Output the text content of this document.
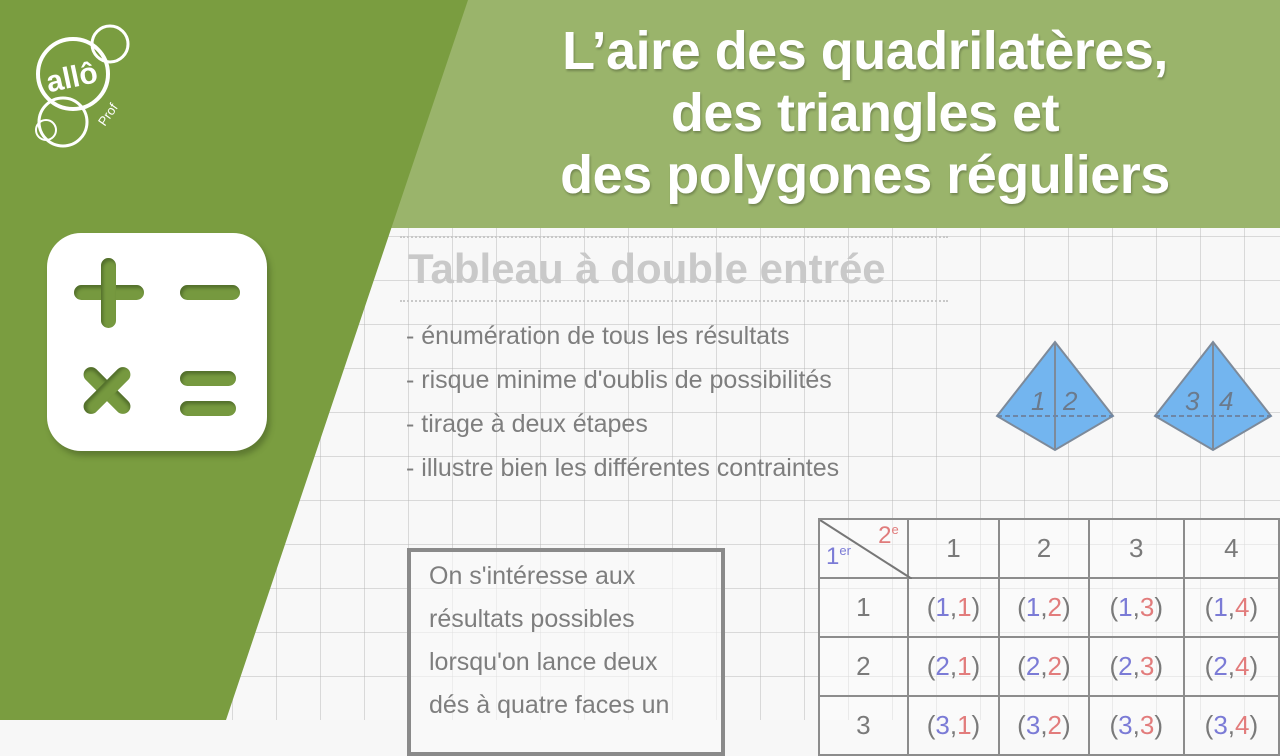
Tableau à double entrée
- énumération de tous les résultats
- risque minime d'oublis de possibilités
- tirage à deux étapes
- illustre bien les différentes contraintes
On s'intéresse aux
résultats possibles
lorsqu'on lance deux
dés à quatre faces un
1 2	3 4
1er
2e	1	2	3	4
1	(1,1)	(1,2)	(1,3)	(1,4)
2	(2,1)	(2,2)	(2,3)	(2,4)
3	(3,1)	(3,2)	(3,3)	(3,4)
allô
Prof
L’aire des quadrilatères,
des triangles et
des polygones réguliers
